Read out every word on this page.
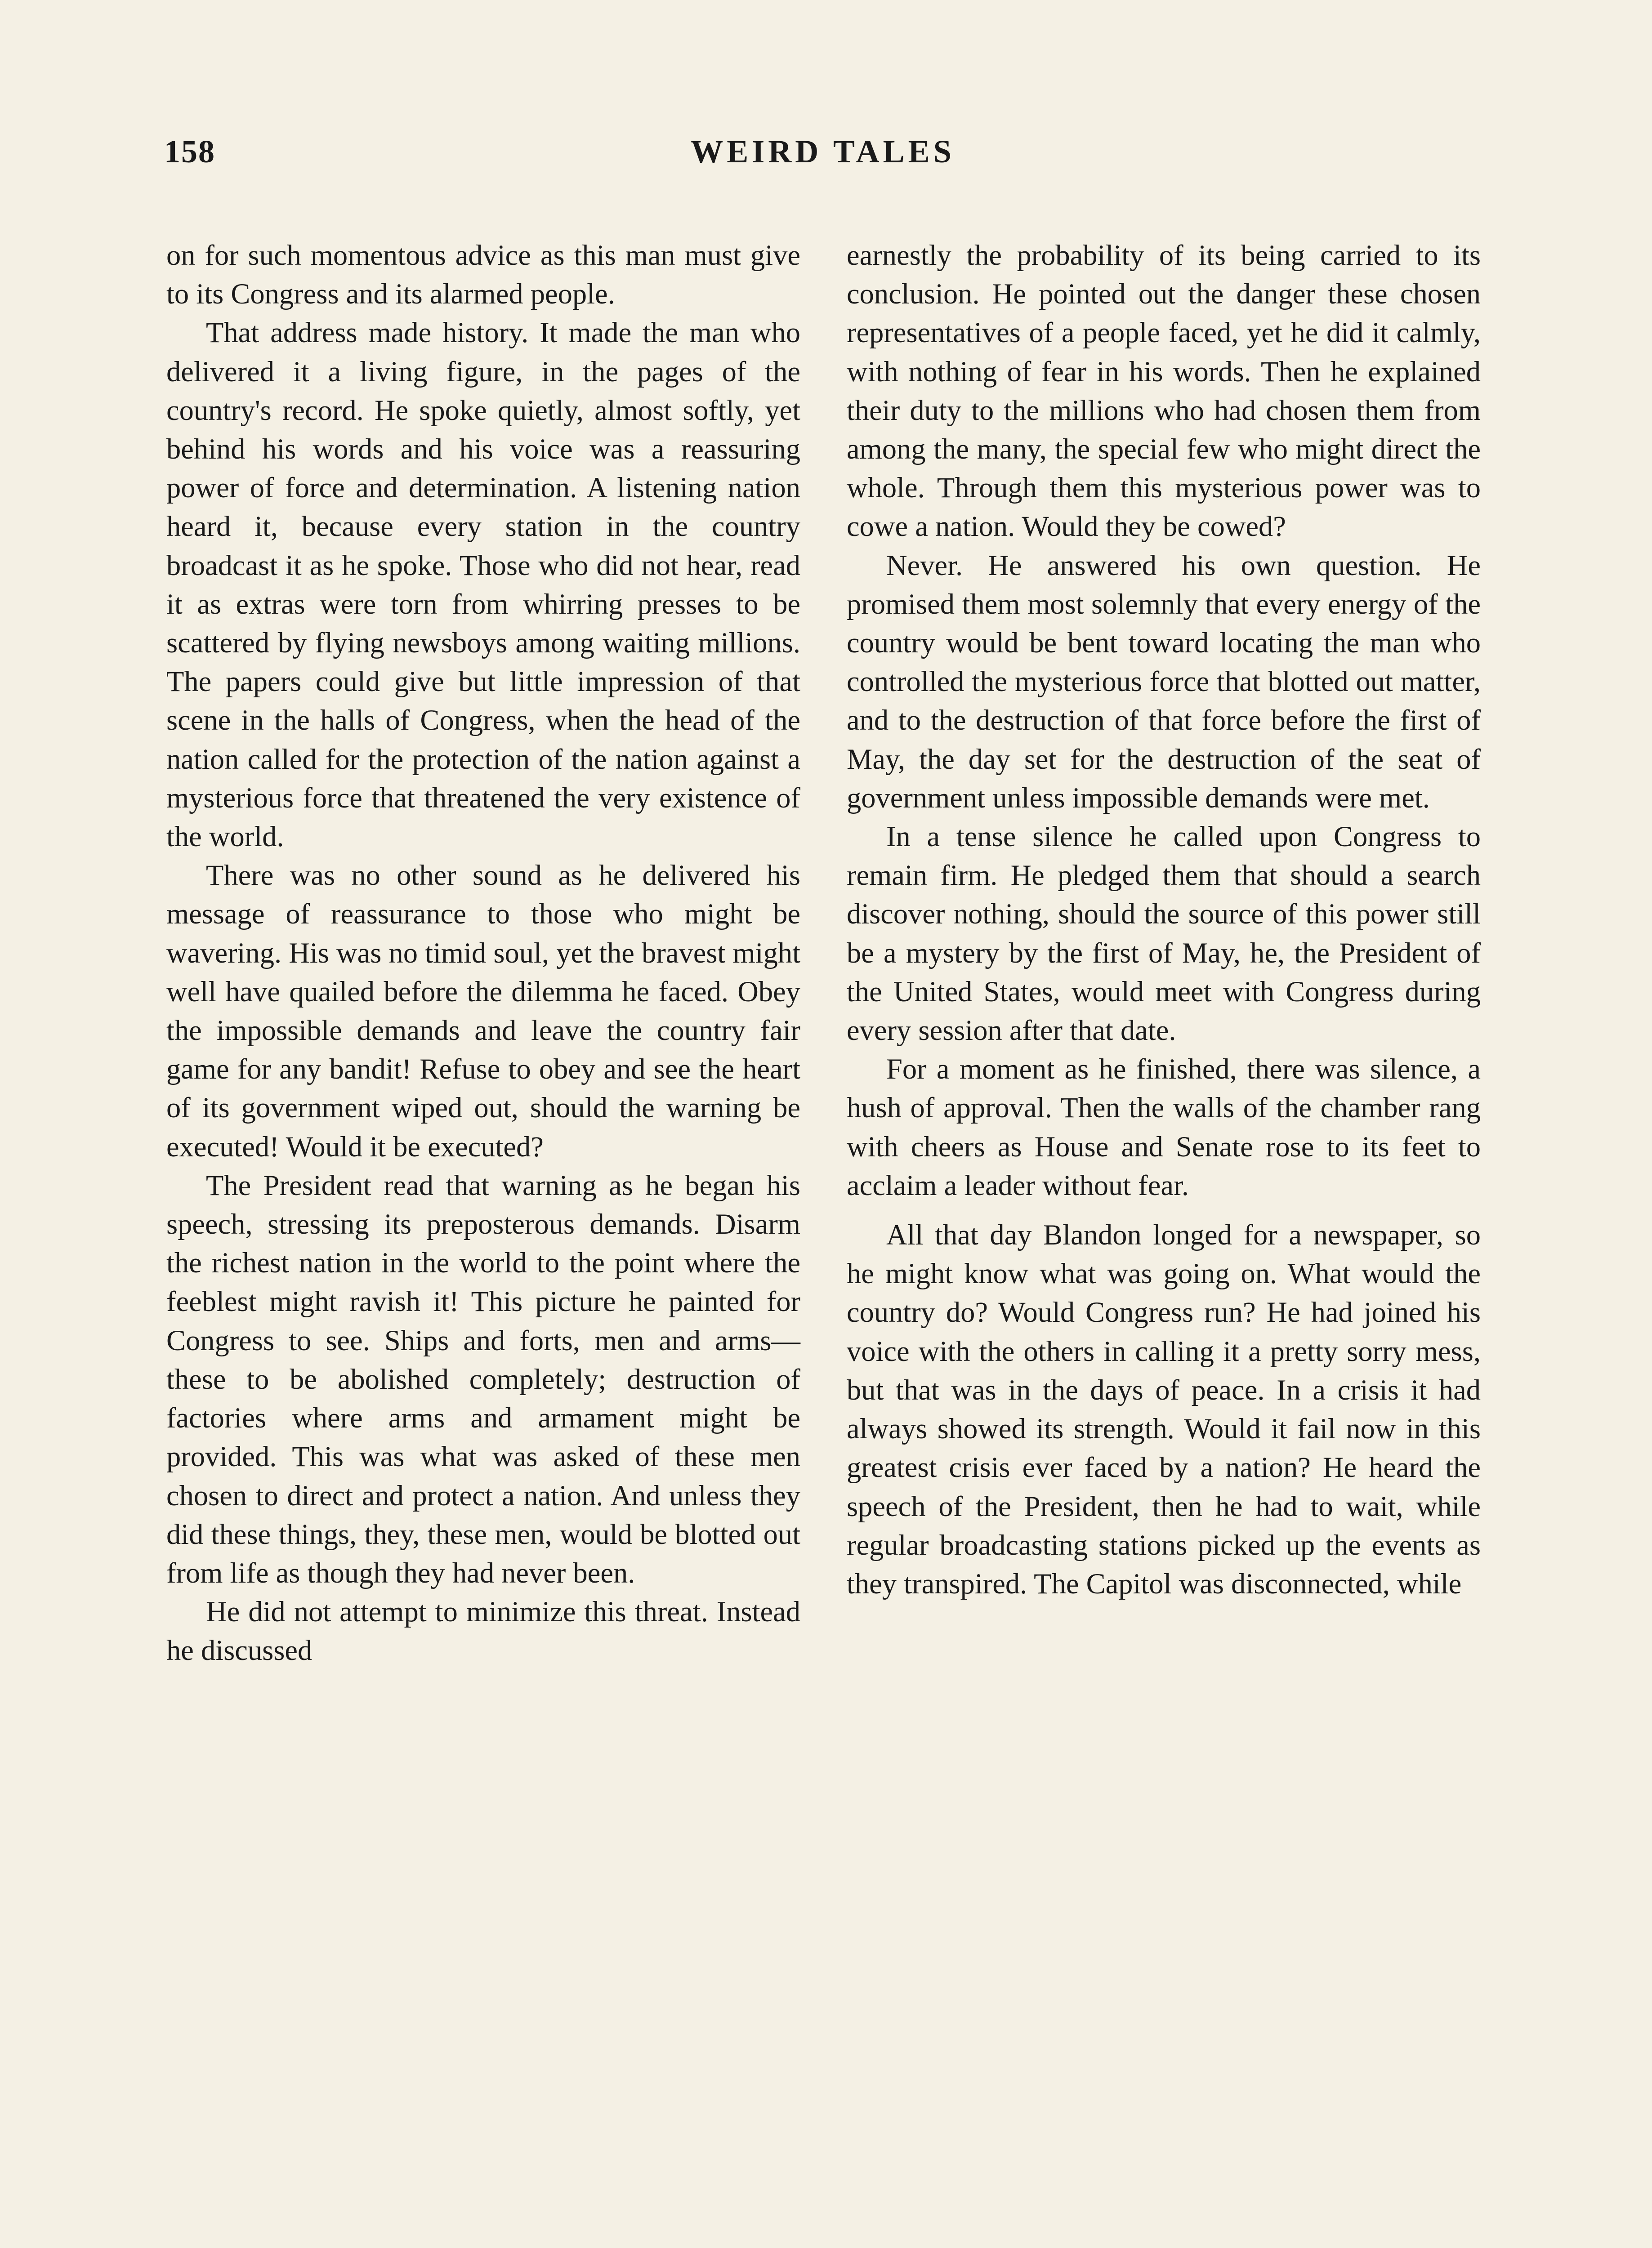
158	WEIRD TALES

on for such momentous advice as this man must give to its Congress and its alarmed people.

That address made history. It made the man who delivered it a living figure, in the pages of the country's record. He spoke quietly, almost softly, yet behind his words and his voice was a reassuring power of force and determination. A listening nation heard it, because every station in the country broadcast it as he spoke. Those who did not hear, read it as extras were torn from whirring presses to be scattered by flying newsboys among waiting millions. The papers could give but little impression of that scene in the halls of Congress, when the head of the nation called for the protection of the nation against a mysterious force that threatened the very existence of the world.

There was no other sound as he delivered his message of reassurance to those who might be wavering. His was no timid soul, yet the bravest might well have quailed before the dilemma he faced. Obey the impossible demands and leave the country fair game for any bandit! Refuse to obey and see the heart of its government wiped out, should the warning be executed! Would it be executed?

The President read that warning as he began his speech, stressing its preposterous demands. Disarm the richest nation in the world to the point where the feeblest might ravish it! This picture he painted for Congress to see. Ships and forts, men and arms—these to be abolished completely; destruction of factories where arms and armament might be provided. This was what was asked of these men chosen to direct and protect a nation. And unless they did these things, they, these men, would be blotted out from life as though they had never been.

He did not attempt to minimize this threat. Instead he discussed

earnestly the probability of its being carried to its conclusion. He pointed out the danger these chosen representatives of a people faced, yet he did it calmly, with nothing of fear in his words. Then he explained their duty to the millions who had chosen them from among the many, the special few who might direct the whole. Through them this mysterious power was to cowe a nation. Would they be cowed?

Never. He answered his own question. He promised them most solemnly that every energy of the country would be bent toward locating the man who controlled the mysterious force that blotted out matter, and to the destruction of that force before the first of May, the day set for the destruction of the seat of government unless impossible demands were met.

In a tense silence he called upon Congress to remain firm. He pledged them that should a search discover nothing, should the source of this power still be a mystery by the first of May, he, the President of the United States, would meet with Congress during every session after that date.

For a moment as he finished, there was silence, a hush of approval. Then the walls of the chamber rang with cheers as House and Senate rose to its feet to acclaim a leader without fear.

All that day Blandon longed for a newspaper, so he might know what was going on. What would the country do? Would Congress run? He had joined his voice with the others in calling it a pretty sorry mess, but that was in the days of peace. In a crisis it had always showed its strength. Would it fail now in this greatest crisis ever faced by a nation? He heard the speech of the President, then he had to wait, while regular broadcasting stations picked up the events as they transpired. The Capitol was disconnected, while
